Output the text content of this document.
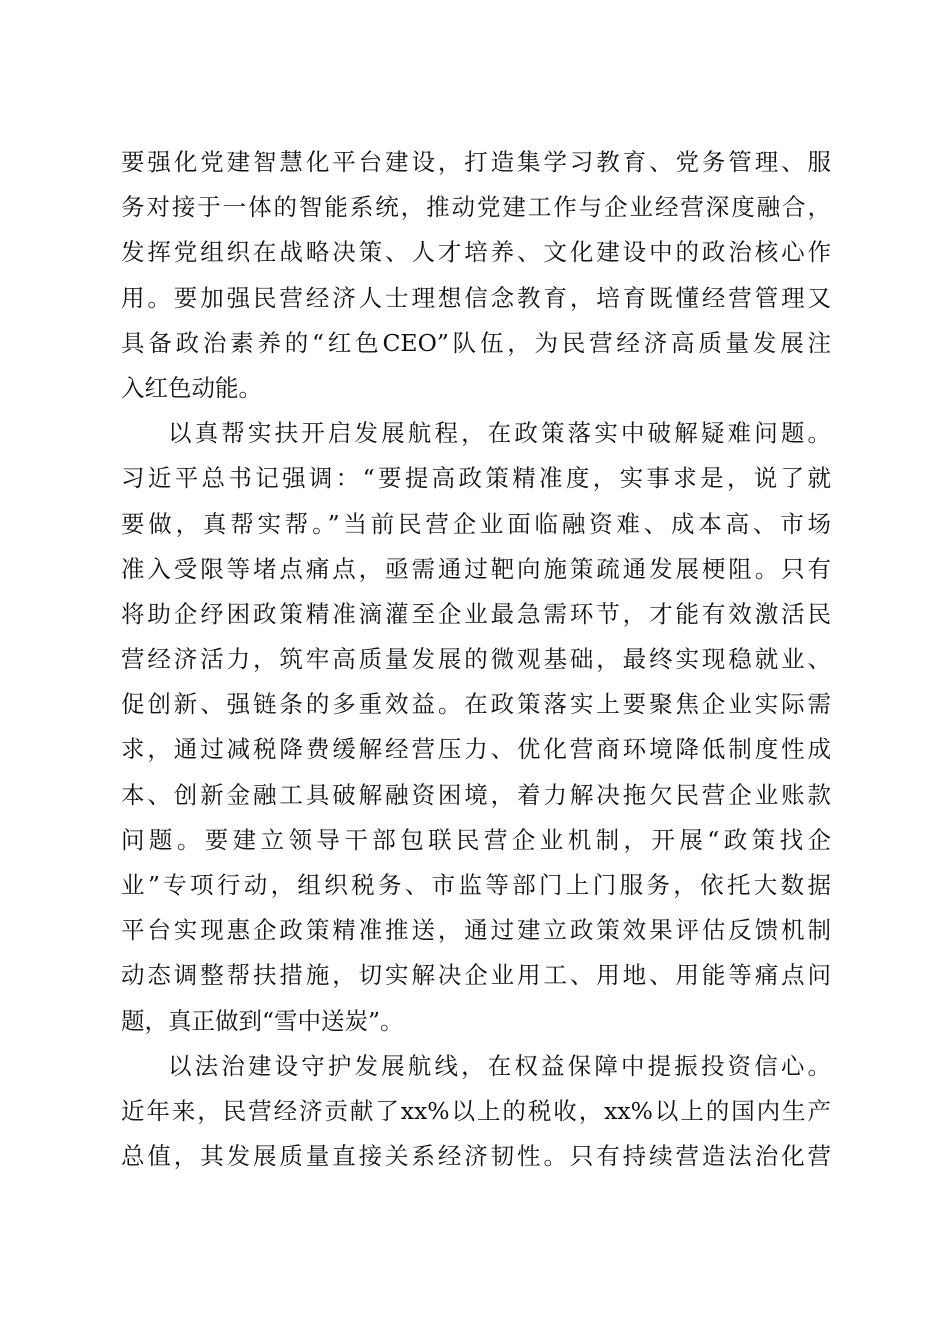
要强化党建智慧化平台建设，打造集学习教育、党务管理、服
务对接于一体的智能系统，推动党建工作与企业经营深度融合，
发挥党组织在战略决策、人才培养、文化建设中的政治核心作
用。要加强民营经济人士理想信念教育，培育既懂经营管理又
具备政治素养的“红色CEO”队伍，为民营经济高质量发展注
入红色动能。
以真帮实扶开启发展航程，在政策落实中破解疑难问题。
习近平总书记强调：“要提高政策精准度，实事求是，说了就
要做，真帮实帮。”当前民营企业面临融资难、成本高、市场
准入受限等堵点痛点，亟需通过靶向施策疏通发展梗阻。只有
将助企纾困政策精准滴灌至企业最急需环节，才能有效激活民
营经济活力，筑牢高质量发展的微观基础，最终实现稳就业、
促创新、强链条的多重效益。在政策落实上要聚焦企业实际需
求，通过减税降费缓解经营压力、优化营商环境降低制度性成
本、创新金融工具破解融资困境，着力解决拖欠民营企业账款
问题。要建立领导干部包联民营企业机制，开展“政策找企
业”专项行动，组织税务、市监等部门上门服务，依托大数据
平台实现惠企政策精准推送，通过建立政策效果评估反馈机制
动态调整帮扶措施，切实解决企业用工、用地、用能等痛点问
题，真正做到“雪中送炭”。
以法治建设守护发展航线，在权益保障中提振投资信心。
近年来，民营经济贡献了xx%以上的税收，xx%以上的国内生产
总值，其发展质量直接关系经济韧性。只有持续营造法治化营
